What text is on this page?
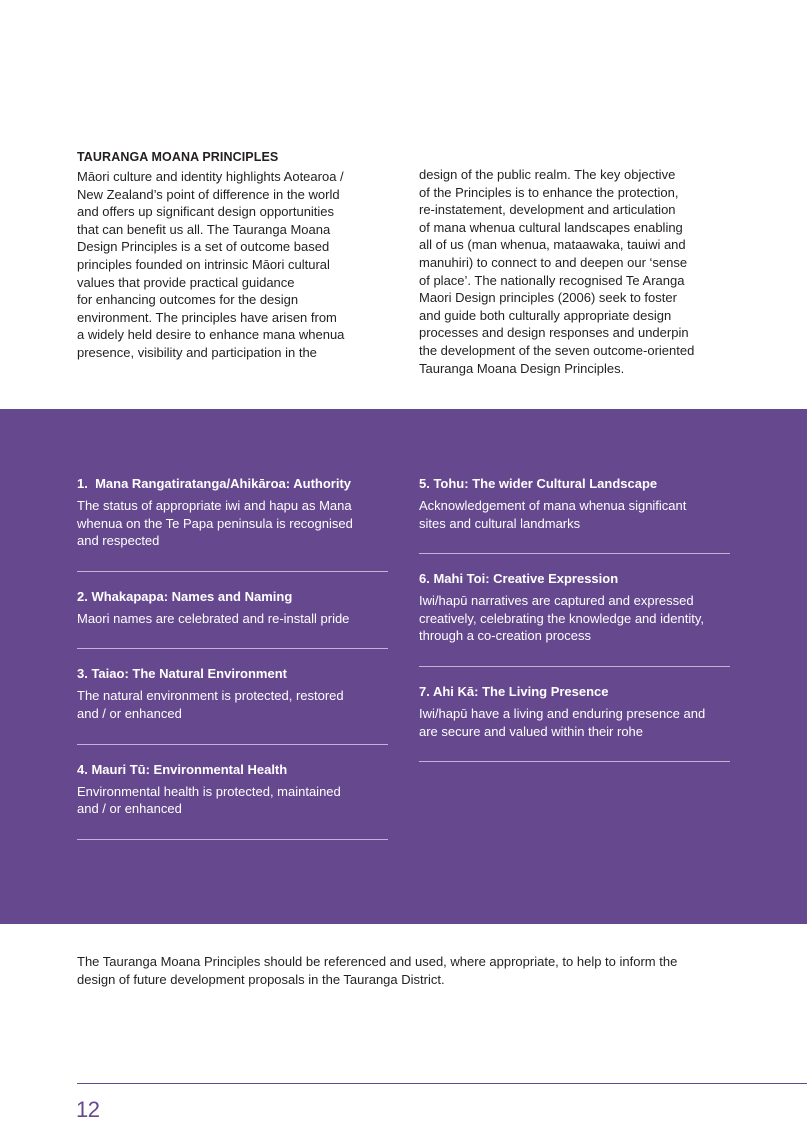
TAURANGA MOANA PRINCIPLES
Māori culture and identity highlights Aotearoa /
New Zealand’s point of difference in the world
and offers up significant design opportunities
that can benefit us all. The Tauranga Moana
Design Principles is a set of outcome based
principles founded on intrinsic Māori cultural
values that provide practical guidance
for enhancing outcomes for the design
environment. The principles have arisen from
a widely held desire to enhance mana whenua
presence, visibility and participation in the
design of the public realm. The key objective
of the Principles is to enhance the protection,
re-instatement, development and articulation
of mana whenua cultural landscapes enabling
all of us (man whenua, mataawaka, tauiwi and
manuhiri) to connect to and deepen our ‘sense
of place’. The nationally recognised Te Aranga
Maori Design principles (2006) seek to foster
and guide both culturally appropriate design
processes and design responses and underpin
the development of the seven outcome-oriented
Tauranga Moana Design Principles.
1.  Mana Rangatiratanga/Ahikāroa: Authority
The status of appropriate iwi and hapu as Mana
whenua on the Te Papa peninsula is recognised
and respected
2. Whakapapa: Names and Naming
Maori names are celebrated and re-install pride
3. Taiao: The Natural Environment
The natural environment is protected, restored
and / or enhanced
4. Mauri Tū: Environmental Health
Environmental health is protected, maintained
and / or enhanced
5. Tohu: The wider Cultural Landscape
Acknowledgement of mana whenua significant
sites and cultural landmarks
6. Mahi Toi: Creative Expression
Iwi/hapū narratives are captured and expressed
creatively, celebrating the knowledge and identity,
through a co-creation process
7. Ahi Kā: The Living Presence
Iwi/hapū have a living and enduring presence and
are secure and valued within their rohe
The Tauranga Moana Principles should be referenced and used, where appropriate, to help to inform the
design of future development proposals in the Tauranga District.
12
